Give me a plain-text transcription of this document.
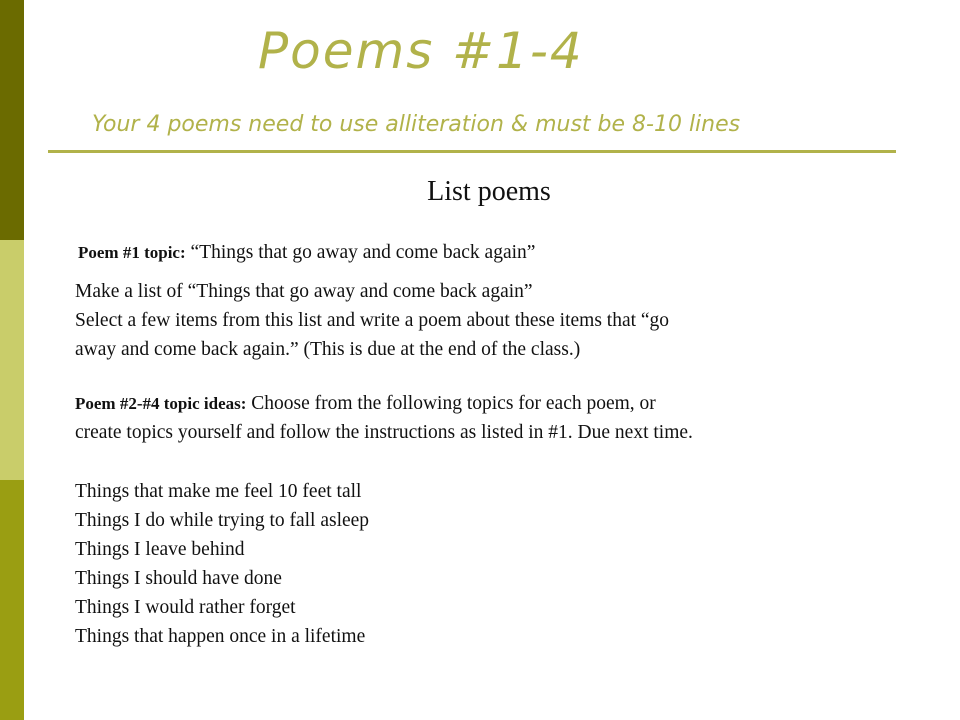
Poems #1-4
Your 4 poems need to use alliteration & must be 8-10 lines
List poems
Poem #1 topic: “Things that go away and come back again”
Make a list of “Things that go away and come back again”
Select a few items from this list and write a poem about these items that “go
away and come back again.” (This is due at the end of the class.)
Poem #2-#4 topic ideas: Choose from the following topics for each poem, or
create topics yourself and follow the instructions as listed in #1. Due next time.
Things that make me feel 10 feet tall
Things I do while trying to fall asleep
Things I leave behind
Things I should have done
Things I would rather forget
Things that happen once in a lifetime
